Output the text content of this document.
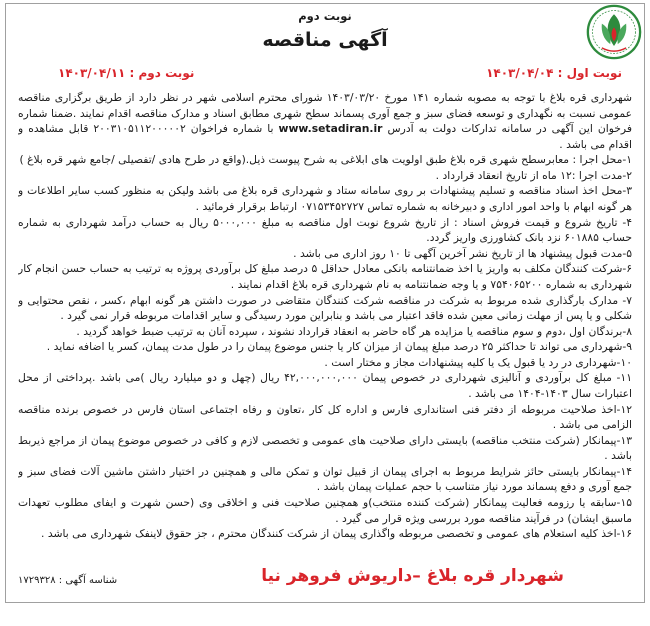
نوبت دوم
آگهی مناقصه
نوبت اول : ۱۴۰۳/۰۴/۰۴
نوبت دوم : ۱۴۰۳/۰۴/۱۱
شهرداری قره بلاغ با توجه به مصوبه شماره ۱۴۱ مورخ ۱۴۰۳/۰۳/۲۰ شورای محترم اسلامی شهر در نظر دارد از طریق برگزاری مناقصه عمومی نسبت به نگهداری و توسعه فضای سبز و جمع آوری پسماند سطح شهری مطابق اسناد و مدارک مناقصه اقدام نمایند .ضمنا شماره فرخوان این آگهی در سامانه تدارکات دولت به آدرس www.setadiran.ir با شماره فراخوان ۲۰۰۳۱۰۵۱۱۲۰۰۰۰۰۲ قابل مشاهده و اقدام می باشد .
۱-محل اجرا : معابرسطح شهری قره بلاغ طبق اولویت های ابلاغی به شرح پیوست ذیل.(واقع در طرح هادی /تفصیلی /جامع شهر قره بلاغ )
۲-مدت اجرا :۱۲ ماه از تاریخ انعقاد قرارداد .
۳-محل اخذ اسناد مناقصه و تسلیم پیشنهادات بر روی سامانه ستاد و شهرداری قره بلاغ می باشد ولیکن به منظور کسب سایر اطلاعات و هر گونه ابهام با واحد امور اداری و دبیرخانه به شماره تماس ۰۷۱۵۳۴۵۲۷۲۷ ارتباط برقرار فرمائید .
۴- تاریخ شروع و قیمت فروش اسناد : از تاریخ شروع نوبت اول مناقصه به مبلغ ۵۰۰۰,۰۰۰ ریال به حساب درآمد شهرداری به شماره حساب ۶۰۱۸۸۵ نزد بانک کشاورزی واریز گردد.
۵-مدت قبول پیشنهاد ها از تاریخ نشر آخرین آگهی تا ۱۰ روز اداری می باشد .
۶-شرکت کنندگان مکلف به واریز یا اخذ ضمانتنامه بانکی معادل حداقل ۵ درصد مبلغ کل برآوردی پروژه به ترتیب به حساب حسن انجام کار شهرداری به شماره ۷۵۴۰۶۵۲۰۰ و یا وجه ضمانتنامه به نام شهرداری قره بلاغ اقدام نمایند .
۷- مدارک بارگذاری شده مربوط به شرکت در مناقصه شرکت کنندگان متقاضی در صورت داشتن هر گونه ابهام ،کسر ، نقص محتوایی و شکلی و یا پس از مهلت زمانی معین شده فاقد اعتبار می باشد و بنابراین مورد رسیدگی و سایر اقدامات مربوطه قرار نمی گیرد .
۸-برندگان اول ،دوم و سوم مناقصه یا مزایده هر گاه حاضر به انعقاد قرارداد نشوند ، سپرده آنان به ترتیب ضبط خواهد گردید .
۹-شهرداری می تواند تا حداکثر ۲۵ درصد مبلغ پیمان از میزان کار یا جنس موضوع پیمان را در طول مدت پیمان، کسر یا اضافه نماید .
۱۰-شهرداری در رد یا قبول یک یا کلیه پیشنهادات مجاز و مختار است .
۱۱- مبلغ کل برآوردی و آنالیزی شهرداری در خصوص پیمان ۴۲,۰۰۰,۰۰۰,۰۰۰ ریال (چهل و دو میلیارد ریال )می باشد .پرداختی از محل اعتبارات سال ۱۴۰۳-۱۴۰۴ می باشد .
۱۲-اخذ صلاحیت مربوطه از دفتر فنی استانداری فارس و اداره کل کار ،تعاون و رفاه اجتماعی استان فارس در خصوص برنده مناقصه الزامی می باشد .
۱۳-پیمانکار (شرکت منتخب مناقصه) بایستی دارای صلاحیت های عمومی و تخصصی لازم و کافی در خصوص موضوع پیمان از مراجع ذیربط باشد .
۱۴-پیمانکار بایستی حائز شرایط مربوط به اجرای پیمان از قبیل توان و تمکن مالی و همچنین در اختیار داشتن ماشین آلات فضای سبز و جمع آوری و دفع پسماند مورد نیاز متناسب با حجم عملیات پیمان باشد .
۱۵-سابقه یا رزومه فعالیت پیمانکار (شرکت کننده منتخب)و همچنین صلاحیت فنی و اخلاقی وی (حسن شهرت و ایفای مطلوب تعهدات ماسبق ایشان) در فرآیند مناقصه مورد بررسی ویژه قرار می گیرد .
۱۶-اخذ کلیه استعلام های عمومی و تخصصی مربوطه واگذاری پیمان از شرکت کنندگان محترم ، جز حقوق لاینفک شهرداری می باشد .
شهردار قره بلاغ –داریوش فروهر نیا
شناسه آگهی : ۱۷۲۹۳۲۸
